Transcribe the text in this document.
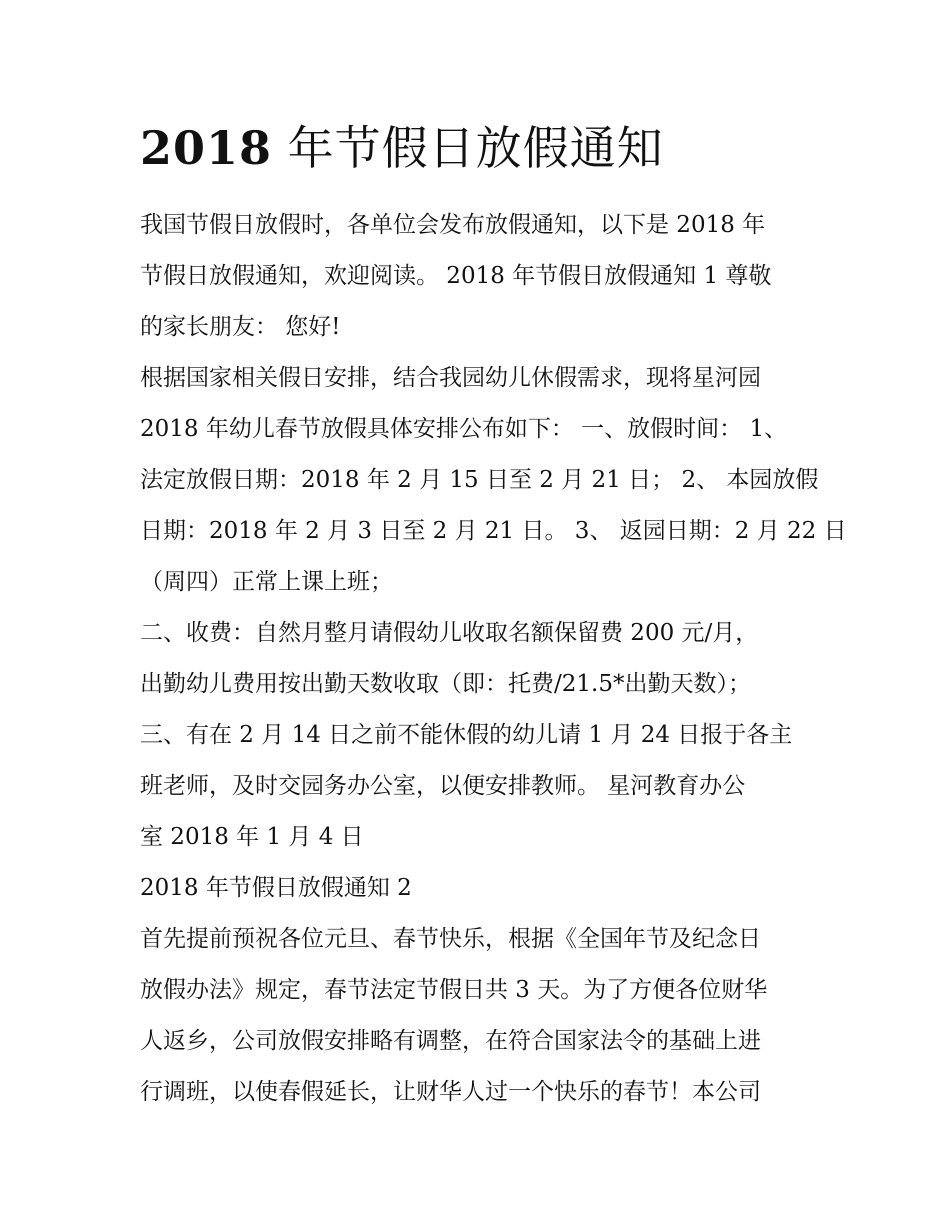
2018 年节假日放假通知
我国节假日放假时，各单位会发布放假通知，以下是 2018 年
节假日放假通知，欢迎阅读。 2018 年节假日放假通知 1 尊敬
的家长朋友： 您好!
根据国家相关假日安排，结合我园幼儿休假需求，现将星河园
2018 年幼儿春节放假具体安排公布如下： 一、放假时间： 1、
法定放假日期：2018 年 2 月 15 日至 2 月 21 日； 2、 本园放假
日期：2018 年 2 月 3 日至 2 月 21 日。 3、 返园日期：2 月 22 日
（周四）正常上课上班；
二、收费：自然月整月请假幼儿收取名额保留费 200 元/月，
出勤幼儿费用按出勤天数收取（即：托费/21.5*出勤天数）；
三、有在 2 月 14 日之前不能休假的幼儿请 1 月 24 日报于各主
班老师，及时交园务办公室，以便安排教师。 星河教育办公
室 2018 年 1 月 4 日
2018 年节假日放假通知 2
首先提前预祝各位元旦、春节快乐，根据《全国年节及纪念日
放假办法》规定，春节法定节假日共 3 天。为了方便各位财华
人返乡，公司放假安排略有调整，在符合国家法令的基础上进
行调班，以使春假延长，让财华人过一个快乐的春节！本公司
